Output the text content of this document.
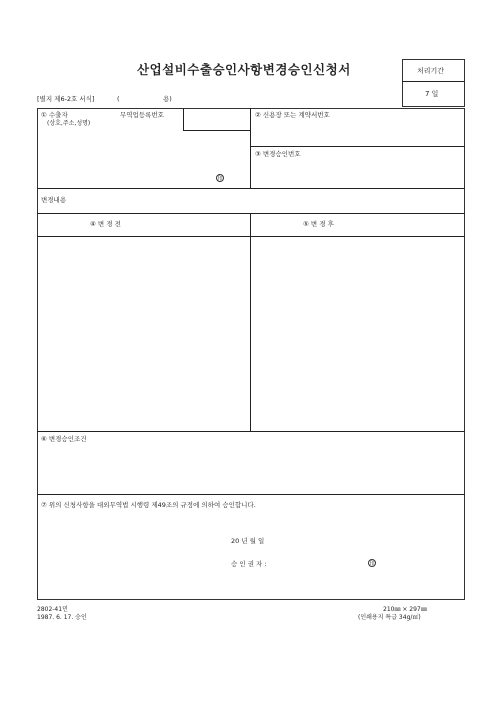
산업설비수출승인사항변경승인신청서	처리기간
7 일
[별지 제6-2호 서식]	(	용)
① 수출자
(상호,주소,성명)
무역업등록번호
印
② 신용장 또는 계약서번호
③ 변경승인번호
변경내용
④ 변 경 전	⑤ 변 경 후
⑥ 변경승인조건
⑦ 위의 신청사항을 대외무역법 시행령 제49조의 규정에 의하여 승인합니다.
20 년 월 일
승 인 권 자 :	印
2802-41민
1987. 6. 17. 승인
210㎜ × 297㎜
(인쇄용지 특급 34g/㎡)
